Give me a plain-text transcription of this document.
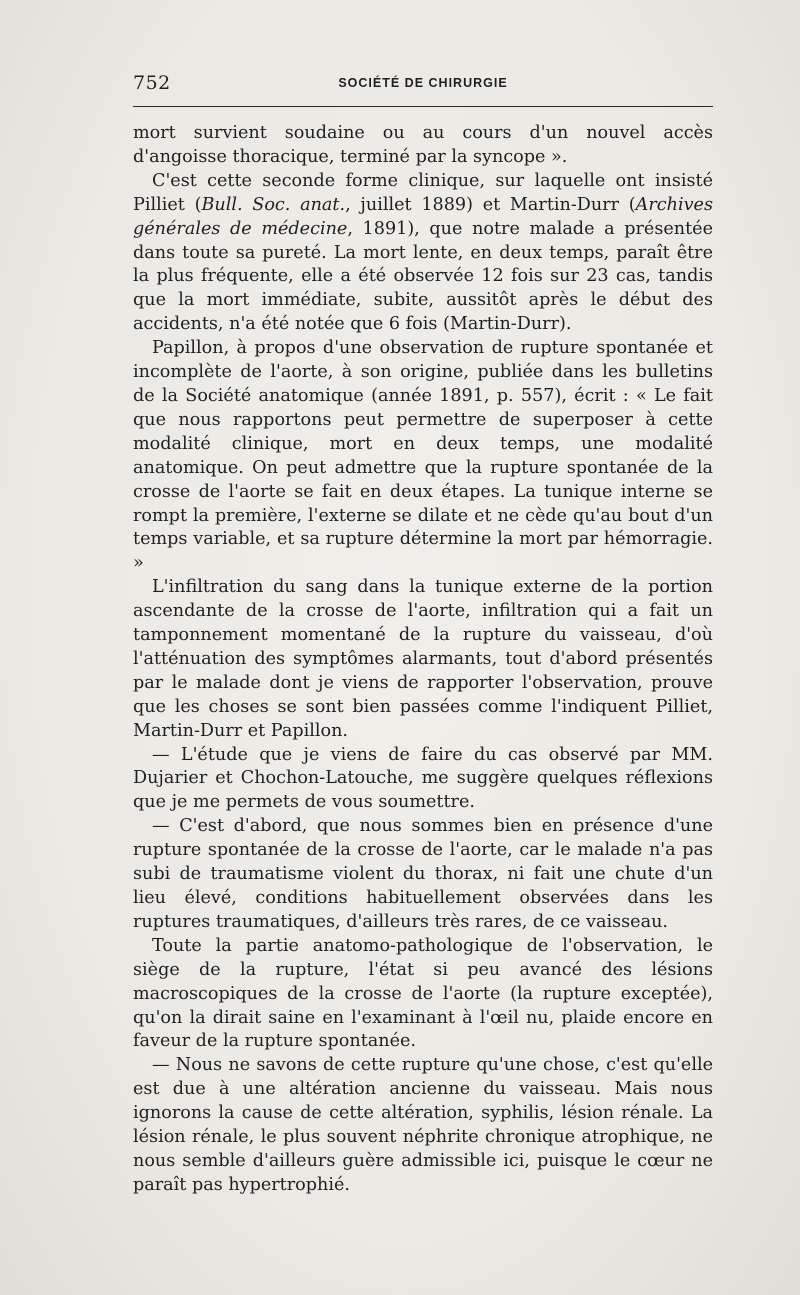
752	SOCIÉTÉ DE CHIRURGIE

mort survient soudaine ou au cours d'un nouvel accès d'angoisse thoracique, terminé par la syncope ».

C'est cette seconde forme clinique, sur laquelle ont insisté Pilliet (Bull. Soc. anat., juillet 1889) et Martin-Durr (Archives générales de médecine, 1891), que notre malade a présentée dans toute sa pureté. La mort lente, en deux temps, paraît être la plus fréquente, elle a été observée 12 fois sur 23 cas, tandis que la mort immédiate, subite, aussitôt après le début des accidents, n'a été notée que 6 fois (Martin-Durr).

Papillon, à propos d'une observation de rupture spontanée et incomplète de l'aorte, à son origine, publiée dans les bulletins de la Société anatomique (année 1891, p. 557), écrit : « Le fait que nous rapportons peut permettre de superposer à cette modalité clinique, mort en deux temps, une modalité anatomique. On peut admettre que la rupture spontanée de la crosse de l'aorte se fait en deux étapes. La tunique interne se rompt la première, l'externe se dilate et ne cède qu'au bout d'un temps variable, et sa rupture détermine la mort par hémorragie. »

L'infiltration du sang dans la tunique externe de la portion ascendante de la crosse de l'aorte, infiltration qui a fait un tamponnement momentané de la rupture du vaisseau, d'où l'atténuation des symptômes alarmants, tout d'abord présentés par le malade dont je viens de rapporter l'observation, prouve que les choses se sont bien passées comme l'indiquent Pilliet, Martin-Durr et Papillon.

— L'étude que je viens de faire du cas observé par MM. Dujarier et Chochon-Latouche, me suggère quelques réflexions que je me permets de vous soumettre.

— C'est d'abord, que nous sommes bien en présence d'une rupture spontanée de la crosse de l'aorte, car le malade n'a pas subi de traumatisme violent du thorax, ni fait une chute d'un lieu élevé, conditions habituellement observées dans les ruptures traumatiques, d'ailleurs très rares, de ce vaisseau.

Toute la partie anatomo-pathologique de l'observation, le siège de la rupture, l'état si peu avancé des lésions macroscopiques de la crosse de l'aorte (la rupture exceptée), qu'on la dirait saine en l'examinant à l'œil nu, plaide encore en faveur de la rupture spontanée.

— Nous ne savons de cette rupture qu'une chose, c'est qu'elle est due à une altération ancienne du vaisseau. Mais nous ignorons la cause de cette altération, syphilis, lésion rénale. La lésion rénale, le plus souvent néphrite chronique atrophique, ne nous semble d'ailleurs guère admissible ici, puisque le cœur ne paraît pas hypertrophié.
